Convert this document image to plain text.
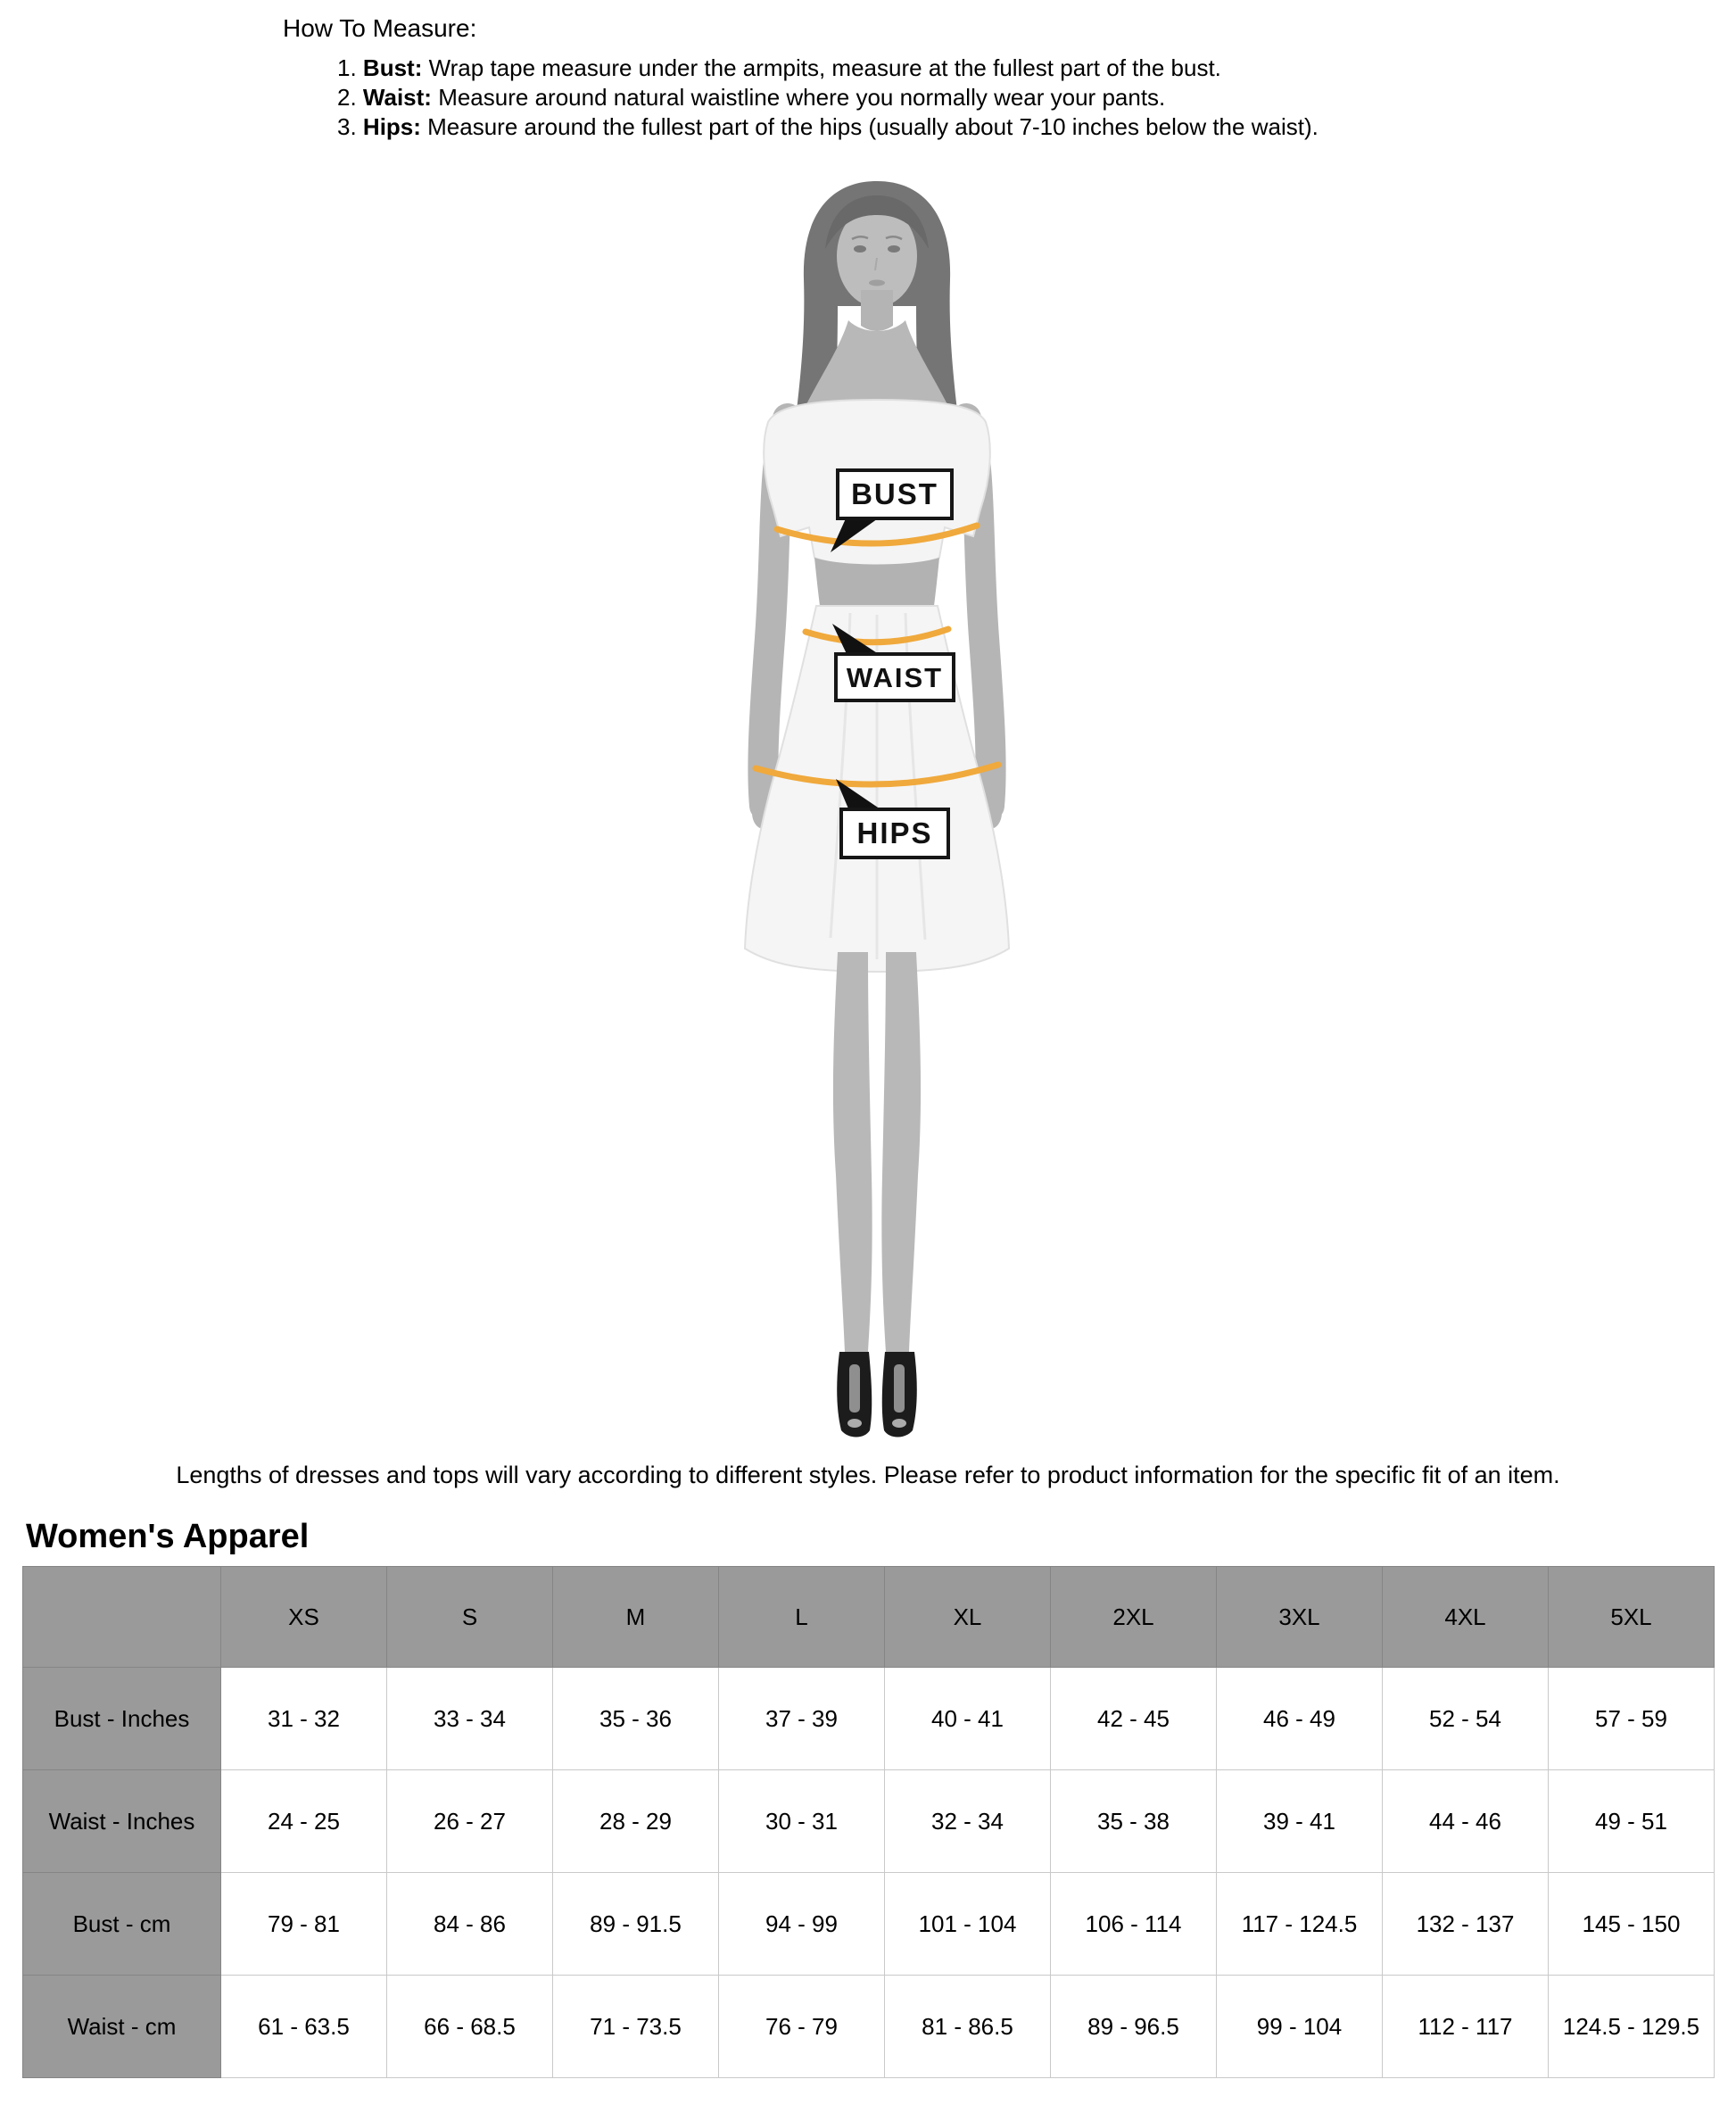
How To Measure:
1. Bust: Wrap tape measure under the armpits, measure at the fullest part of the bust.
2. Waist: Measure around natural waistline where you normally wear your pants.
3. Hips: Measure around the fullest part of the hips (usually about 7-10 inches below the waist).
BUST
WAIST
HIPS

Lengths of dresses and tops will vary according to different styles. Please refer to product information for the specific fit of an item.

Women's Apparel
	XS	S	M	L	XL	2XL	3XL	4XL	5XL
Bust - Inches	31 - 32	33 - 34	35 - 36	37 - 39	40 - 41	42 - 45	46 - 49	52 - 54	57 - 59
Waist - Inches	24 - 25	26 - 27	28 - 29	30 - 31	32 - 34	35 - 38	39 - 41	44 - 46	49 - 51
Bust - cm	79 - 81	84 - 86	89 - 91.5	94 - 99	101 - 104	106 - 114	117 - 124.5	132 - 137	145 - 150
Waist - cm	61 - 63.5	66 - 68.5	71 - 73.5	76 - 79	81 - 86.5	89 - 96.5	99 - 104	112 - 117	124.5 - 129.5
